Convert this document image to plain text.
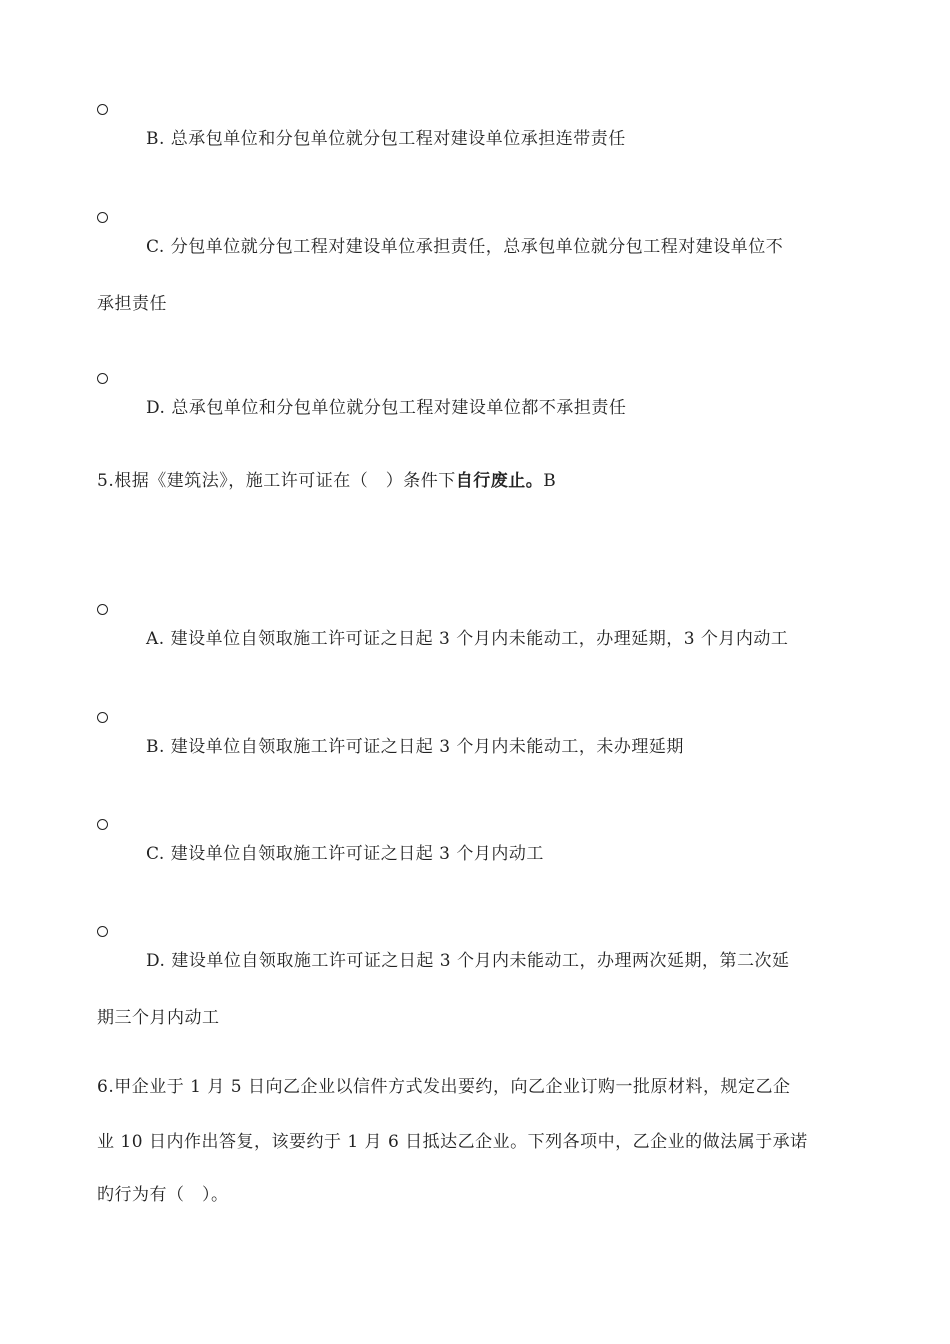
B. 总承包单位和分包单位就分包工程对建设单位承担连带责任
C. 分包单位就分包工程对建设单位承担责任，总承包单位就分包工程对建设单位不
承担责任
D. 总承包单位和分包单位就分包工程对建设单位都不承担责任
5.根据《建筑法》，施工许可证在（　）条件下自行废止。B
A. 建设单位自领取施工许可证之日起 3 个月内未能动工，办理延期，3 个月内动工
B. 建设单位自领取施工许可证之日起 3 个月内未能动工，未办理延期
C. 建设单位自领取施工许可证之日起 3 个月内动工
D. 建设单位自领取施工许可证之日起 3 个月内未能动工，办理两次延期，第二次延
期三个月内动工
6.甲企业于 1 月 5 日向乙企业以信件方式发出要约，向乙企业订购一批原材料，规定乙企
业 10 日内作出答复，该要约于 1 月 6 日抵达乙企业。下列各项中，乙企业的做法属于承诺
旳行为有（　）。
